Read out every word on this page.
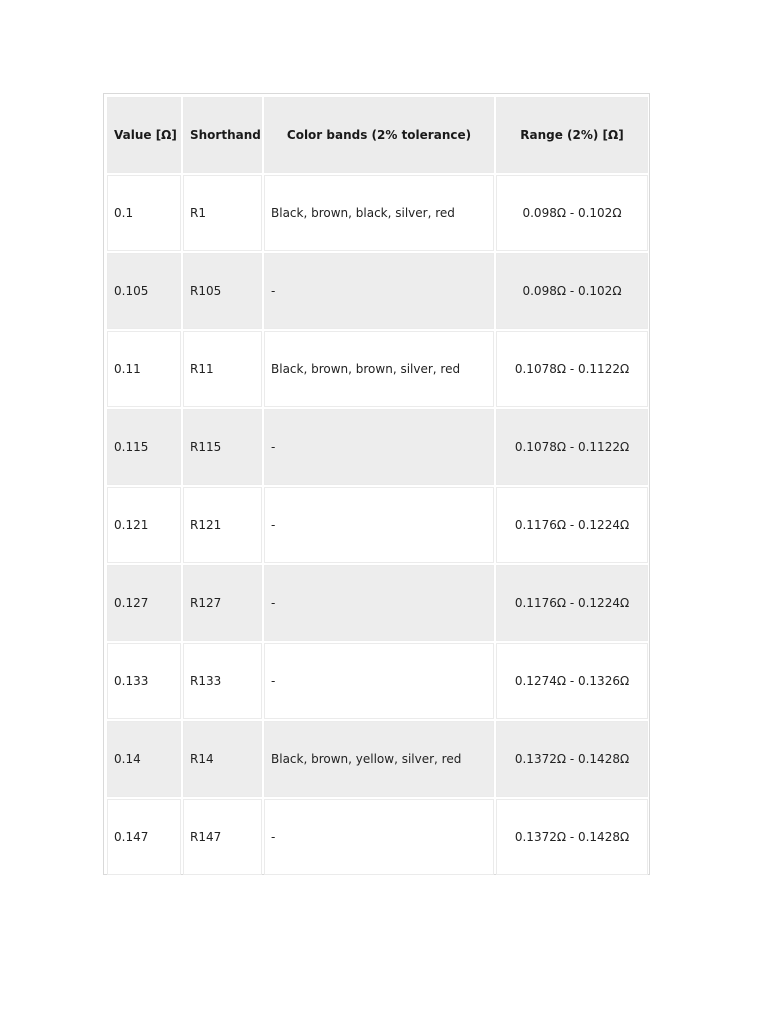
Value [Ω]	Shorthand	Color bands (2% tolerance)	Range (2%) [Ω]
0.1	R1	Black, brown, black, silver, red	0.098Ω - 0.102Ω
0.105	R105	-	0.098Ω - 0.102Ω
0.11	R11	Black, brown, brown, silver, red	0.1078Ω - 0.1122Ω
0.115	R115	-	0.1078Ω - 0.1122Ω
0.121	R121	-	0.1176Ω - 0.1224Ω
0.127	R127	-	0.1176Ω - 0.1224Ω
0.133	R133	-	0.1274Ω - 0.1326Ω
0.14	R14	Black, brown, yellow, silver, red	0.1372Ω - 0.1428Ω
0.147	R147	-	0.1372Ω - 0.1428Ω
